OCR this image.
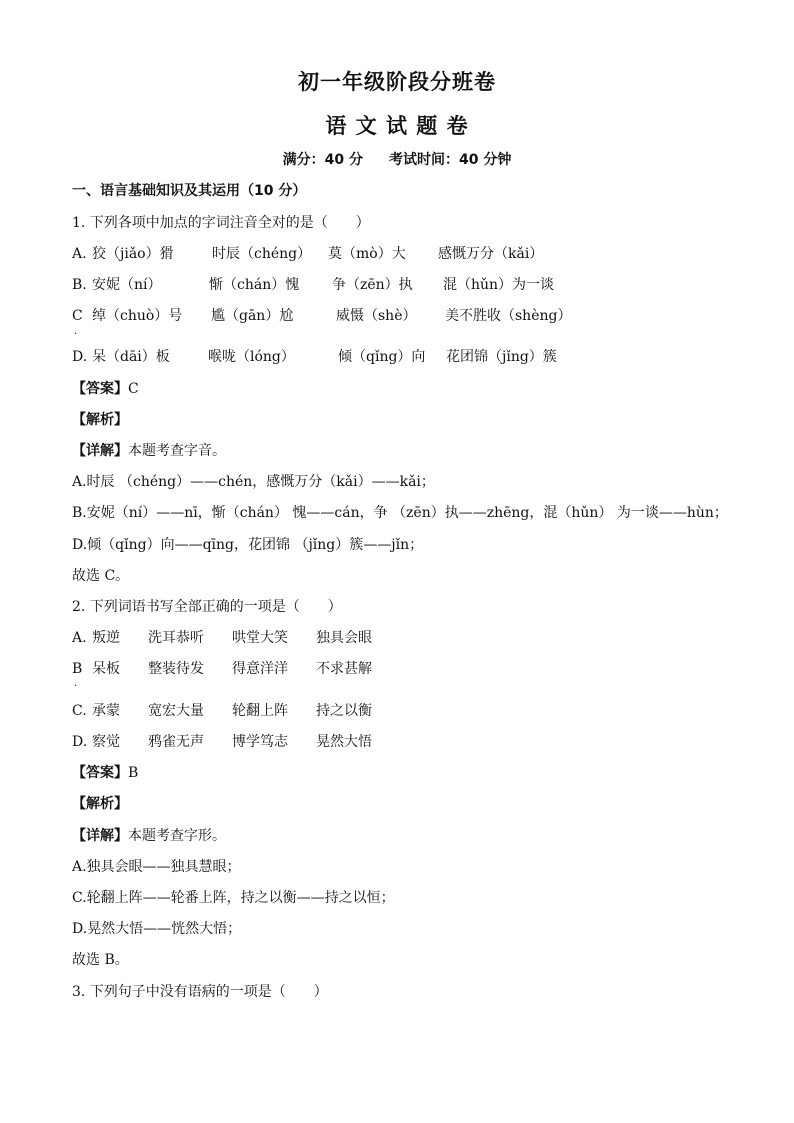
初一年级阶段分班卷
语 文 试 题 卷
满分：40 分 考试时间：40 分钟
一、语言基础知识及其运用（10 分）
1. 下列各项中加点的字词注音全对的是（　　）
A. 狡（jiǎo）猾	时辰（chéng） 莫（mò）大 感慨万分（kǎi）
B. 安妮（ní）	惭（chán）愧 争（zēn）执 混（hǔn）为一谈
C
·
绰（chuò）号 尴（gān）尬	威慑（shè） 美不胜收（shèng）
D. 呆（dāi）板	喉咙（lóng）	倾（qǐng）向 花团锦（jǐng）簇
【答案】C
【解析】
【详解】本题考查字音。
A.时辰 （chéng）——chén，感慨万分（kǎi）——kǎi；
B.安妮（ní）——nī，惭（chán） 愧——cán，争 （zēn）执——zhēng，混（hǔn） 为一谈——hùn；
D.倾（qǐng）向——qīng，花团锦 （jǐng）簇——jǐn；
故选 C。
2. 下列词语书写全部正确的一项是（　　）
A. 叛逆 洗耳恭听 哄堂大笑 独具会眼
B
·
呆板 整装待发 得意洋洋 不求甚解
C. 承蒙 宽宏大量 轮翻上阵 持之以衡
D. 察觉 鸦雀无声 博学笃志 晃然大悟
【答案】B
【解析】
【详解】本题考查字形。
A.独具会眼——独具慧眼；
C.轮翻上阵——轮番上阵，持之以衡——持之以恒；
D.晃然大悟——恍然大悟；
故选 B。
3. 下列句子中没有语病的一项是（　　）
